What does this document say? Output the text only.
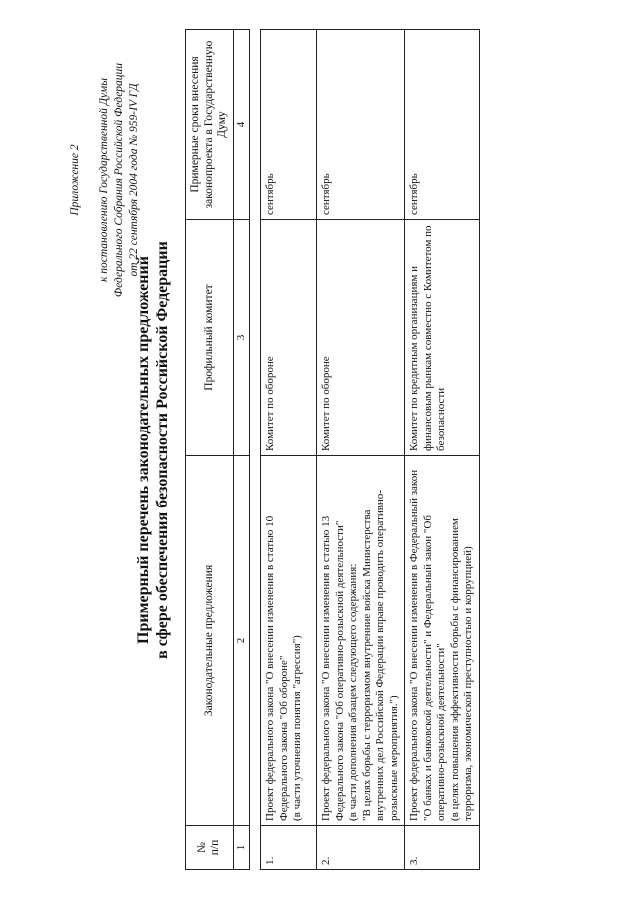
Приложение 2 к постановлению Государственной Думы Федерального Собрания Российской Федерации от 22 сентября 2004 года № 959-IV ГД
Примерный перечень законодательных предложений в сфере обеспечения безопасности Российской Федерации
№
п/п	Законодательные предложения	Профильный комитет	Примерные сроки внесения законопроекта в Государственную Думу
1	2	3	4

1.	Проект федерального закона "О внесении изменения в статью 10 Федерального закона "Об обороне"
(в части уточнения понятия "агрессия")	Комитет по обороне	сентябрь
2.	Проект федерального закона "О внесении изменения в статью 13 Федерального закона "Об оперативно-розыскной деятельности"
(в части дополнения абзацем следующего содержания:
"В целях борьбы с терроризмом внутренние войска Министерства внутренних дел Российской Федерации вправе проводить оперативно-розыскные мероприятия.")	Комитет по обороне	сентябрь
3.	Проект федерального закона "О внесении изменения в Федеральный закон "О банках и банковской деятельности" и Федеральный закон "Об оперативно-розыскной деятельности"
(в целях повышения эффективности борьбы с финансированием терроризма, экономической преступностью и коррупцией)	Комитет по кредитным организациям и финансовым рынкам совместно с Комитетом по безопасности	сентябрь
